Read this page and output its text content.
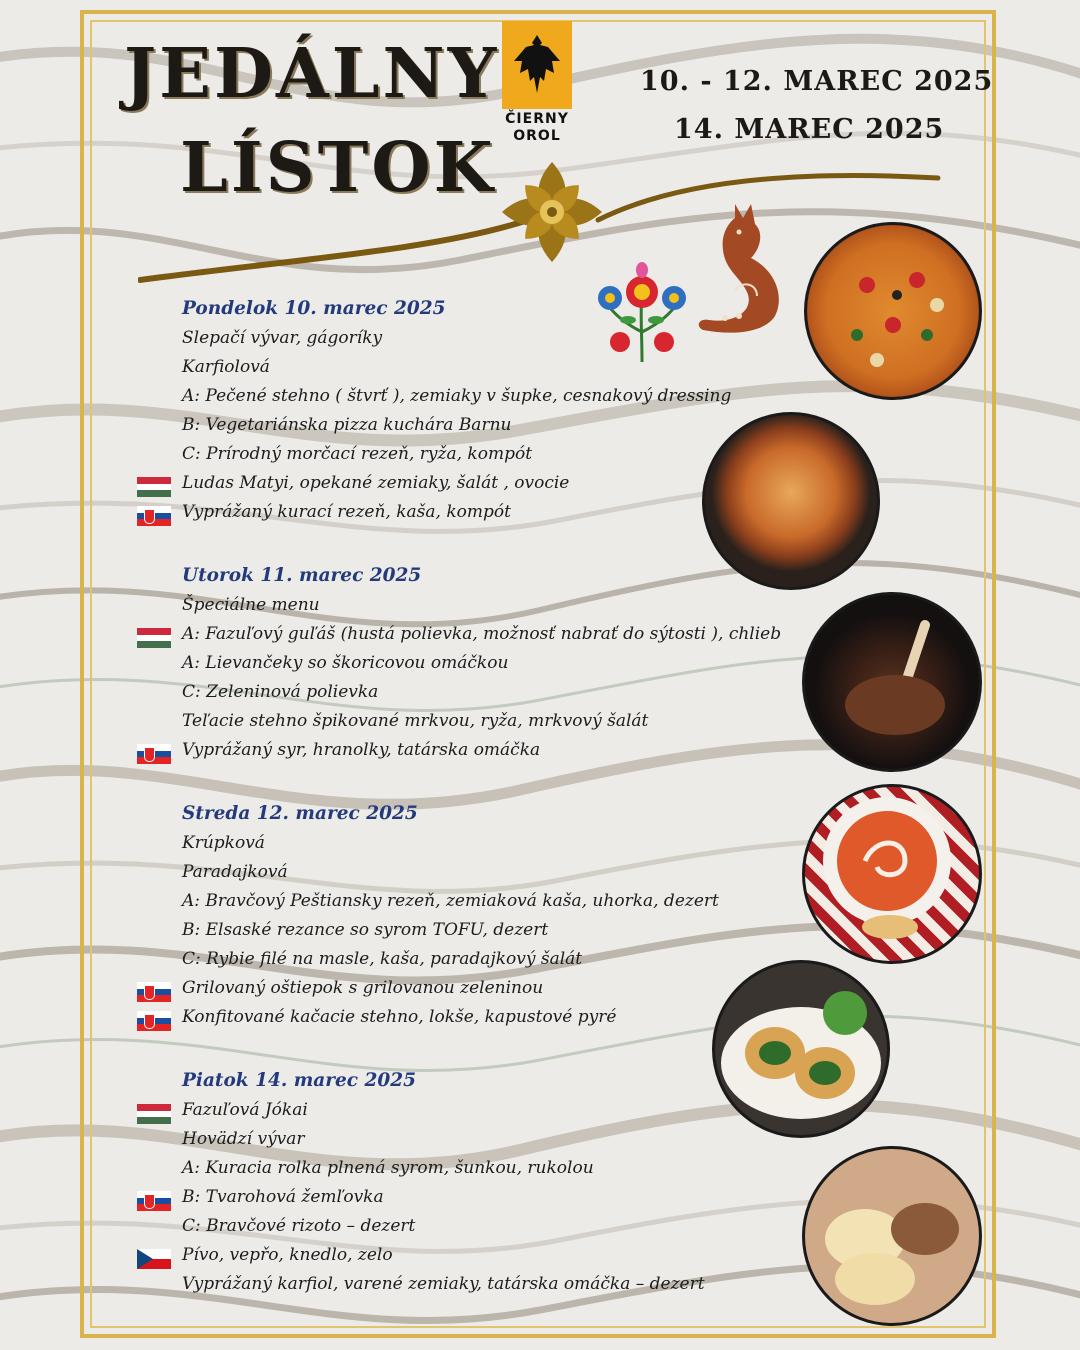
JEDÁLNY
LÍSTOK
ČIERNY
OROL
10. - 12. MAREC 2025
14. MAREC 2025
Pondelok 10. marec 2025
Slepačí vývar, gágoríky
Karfiolová
A: Pečené stehno ( štvrť ), zemiaky v šupke, cesnakový dressing
B: Vegetariánska pizza kuchára Barnu
C: Prírodný morčací rezeň, ryža, kompót
Ludas Matyi, opekané zemiaky, šalát , ovocie
Vyprážaný kurací rezeň, kaša, kompót
Utorok 11. marec 2025
Špeciálne menu
A: Fazuľový guľáš (hustá polievka, možnosť nabrať do sýtosti ), chlieb
A: Lievančeky so škoricovou omáčkou
C: Zeleninová polievka
Teľacie stehno špikované mrkvou, ryža, mrkvový šalát
Vyprážaný syr, hranolky, tatárska omáčka
Streda 12. marec 2025
Krúpková
Paradajková
A: Bravčový Peštiansky rezeň, zemiaková kaša, uhorka, dezert
B: Elsaské rezance so syrom TOFU, dezert
C: Rybie filé na masle, kaša, paradajkový šalát
Grilovaný oštiepok s grilovanou zeleninou
Konfitované kačacie stehno, lokše, kapustové pyré
Piatok 14. marec 2025
Fazuľová Jókai
Hovädzí vývar
A: Kuracia rolka plnená syrom, šunkou, rukolou
B: Tvarohová žemľovka
C: Bravčové rizoto – dezert
Pívo, vepřo, knedlo, zelo
Vyprážaný karfiol, varené zemiaky, tatárska omáčka – dezert
